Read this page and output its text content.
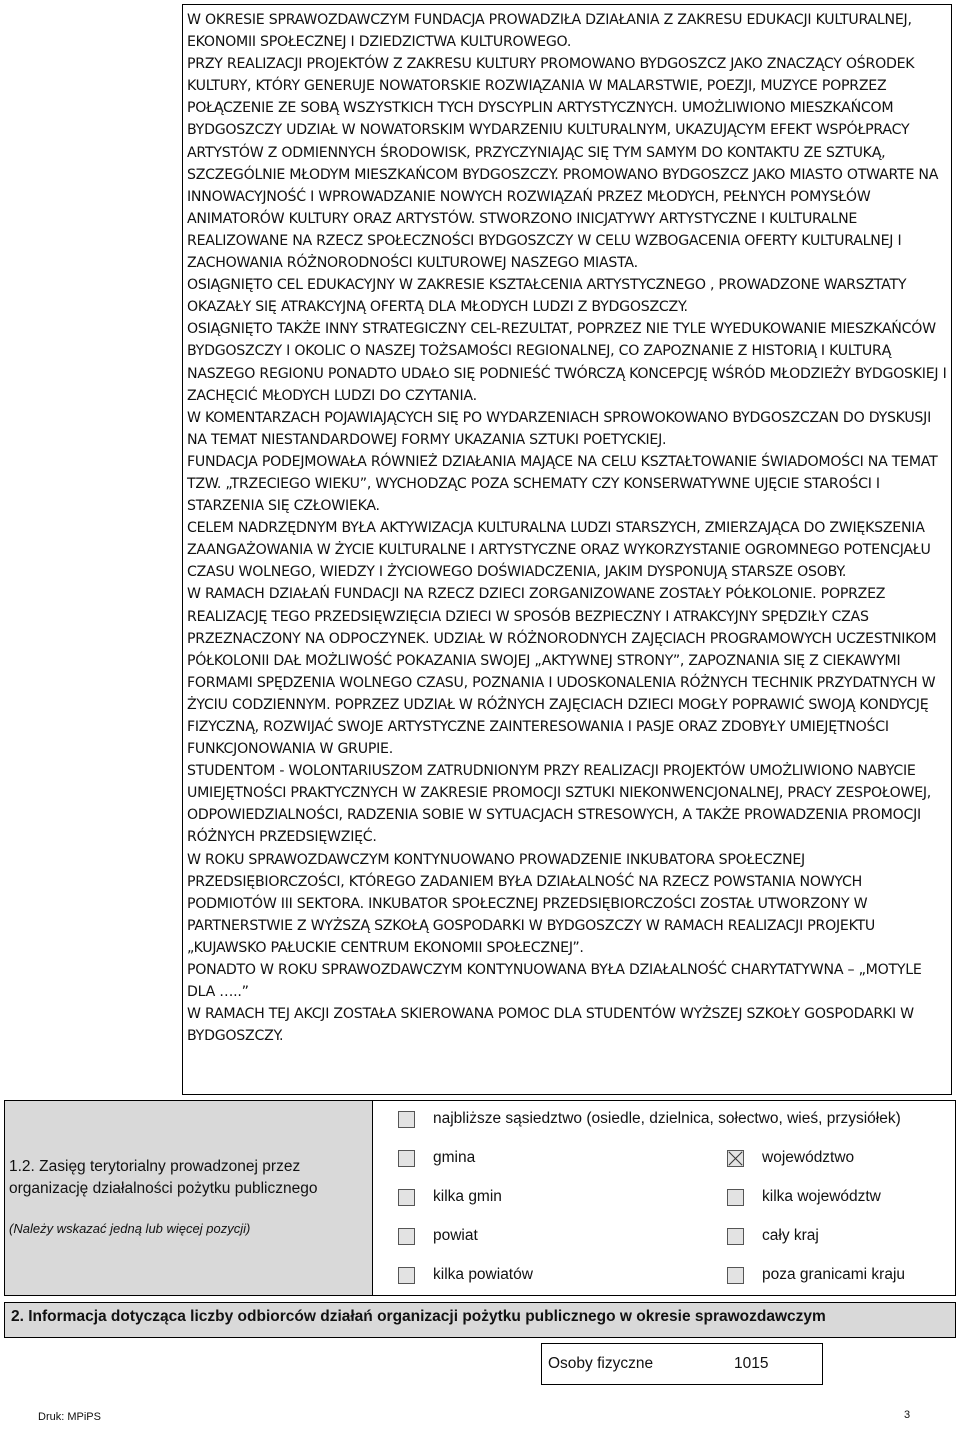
W OKRESIE SPRAWOZDAWCZYM FUNDACJA PROWADZIŁA DZIAŁANIA Z ZAKRESU EDUKACJI KULTURALNEJ, EKONOMII SPOŁECZNEJ I DZIEDZICTWA KULTUROWEGO.
PRZY REALIZACJI PROJEKTÓW Z ZAKRESU KULTURY PROMOWANO BYDGOSZCZ JAKO ZNACZĄCY OŚRODEK KULTURY, KTÓRY GENERUJE NOWATORSKIE ROZWIĄZANIA W MALARSTWIE, POEZJI, MUZYCE POPRZEZ POŁĄCZENIE ZE SOBĄ WSZYSTKICH TYCH DYSCYPLIN ARTYSTYCZNYCH. UMOŻLIWIONO MIESZKAŃCOM BYDGOSZCZY UDZIAŁ W NOWATORSKIM WYDARZENIU KULTURALNYM, UKAZUJĄCYM EFEKT WSPÓŁPRACY ARTYSTÓW Z ODMIENNYCH ŚRODOWISK, PRZYCZYNIAJĄC SIĘ TYM SAMYM DO KONTAKTU ZE SZTUKĄ, SZCZEGÓLNIE MŁODYM MIESZKAŃCOM BYDGOSZCZY. PROMOWANO BYDGOSZCZ JAKO MIASTO OTWARTE NA INNOWACYJNOŚĆ I WPROWADZANIE NOWYCH ROZWIĄZAŃ PRZEZ MŁODYCH, PEŁNYCH POMYSŁÓW ANIMATORÓW KULTURY ORAZ ARTYSTÓW. STWORZONO INICJATYWY ARTYSTYCZNE I KULTURALNE REALIZOWANE NA RZECZ SPOŁECZNOŚCI BYDGOSZCZY W CELU WZBOGACENIA OFERTY KULTURALNEJ I ZACHOWANIA RÓŻNORODNOŚCI KULTUROWEJ NASZEGO MIASTA.
OSIĄGNIĘTO CEL EDUKACYJNY W ZAKRESIE KSZTAŁCENIA ARTYSTYCZNEGO , PROWADZONE WARSZTATY OKAZAŁY SIĘ ATRAKCYJNĄ OFERTĄ DLA MŁODYCH LUDZI Z BYDGOSZCZY.
OSIĄGNIĘTO TAKŻE INNY STRATEGICZNY CEL-REZULTAT, POPRZEZ NIE TYLE WYEDUKOWANIE MIESZKAŃCÓW BYDGOSZCZY I OKOLIC O NASZEJ TOŻSAMOŚCI REGIONALNEJ, CO ZAPOZNANIE Z HISTORIĄ I KULTURĄ NASZEGO REGIONU PONADTO UDAŁO SIĘ PODNIEŚĆ TWÓRCZĄ KONCEPCJĘ WŚRÓD MŁODZIEŻY BYDGOSKIEJ I ZACHĘCIĆ MŁODYCH LUDZI DO CZYTANIA.
W KOMENTARZACH POJAWIAJĄCYCH SIĘ PO WYDARZENIACH SPROWOKOWANO BYDGOSZCZAN DO DYSKUSJI NA TEMAT NIESTANDARDOWEJ FORMY UKAZANIA SZTUKI POETYCKIEJ.
FUNDACJA PODEJMOWAŁA RÓWNIEŻ DZIAŁANIA MAJĄCE NA CELU KSZTAŁTOWANIE ŚWIADOMOŚCI NA TEMAT TZW. „TRZECIEGO WIEKU”, WYCHODZĄC POZA SCHEMATY CZY KONSERWATYWNE UJĘCIE STAROŚCI I STARZENIA SIĘ CZŁOWIEKA.
CELEM NADRZĘDNYM BYŁA AKTYWIZACJA KULTURALNA LUDZI STARSZYCH, ZMIERZAJĄCA DO ZWIĘKSZENIA ZAANGAŻOWANIA W ŻYCIE KULTURALNE I ARTYSTYCZNE ORAZ WYKORZYSTANIE OGROMNEGO POTENCJAŁU CZASU WOLNEGO, WIEDZY I ŻYCIOWEGO DOŚWIADCZENIA, JAKIM DYSPONUJĄ STARSZE OSOBY.
W RAMACH DZIAŁAŃ FUNDACJI NA RZECZ DZIECI ZORGANIZOWANE ZOSTAŁY PÓŁKOLONIE. POPRZEZ REALIZACJĘ TEGO PRZEDSIĘWZIĘCIA DZIECI W SPOSÓB BEZPIECZNY I ATRAKCYJNY SPĘDZIŁY CZAS PRZEZNACZONY NA ODPOCZYNEK. UDZIAŁ W RÓŻNORODNYCH ZAJĘCIACH PROGRAMOWYCH UCZESTNIKOM PÓŁKOLONII DAŁ MOŻLIWOŚĆ POKAZANIA SWOJEJ „AKTYWNEJ STRONY”, ZAPOZNANIA SIĘ Z CIEKAWYMI FORMAMI SPĘDZENIA WOLNEGO CZASU, POZNANIA I UDOSKONALENIA RÓŻNYCH TECHNIK PRZYDATNYCH W ŻYCIU CODZIENNYM. POPRZEZ UDZIAŁ W RÓŻNYCH ZAJĘCIACH DZIECI MOGŁY POPRAWIĆ SWOJĄ KONDYCJĘ FIZYCZNĄ, ROZWIJAĆ SWOJE ARTYSTYCZNE ZAINTERESOWANIA I PASJE ORAZ ZDOBYŁY UMIEJĘTNOŚCI FUNKCJONOWANIA W GRUPIE.
STUDENTOM - WOLONTARIUSZOM ZATRUDNIONYM PRZY REALIZACJI PROJEKTÓW UMOŻLIWIONO NABYCIE UMIEJĘTNOŚCI PRAKTYCZNYCH W ZAKRESIE PROMOCJI SZTUKI NIEKONWENCJONALNEJ, PRACY ZESPOŁOWEJ, ODPOWIEDZIALNOŚCI, RADZENIA SOBIE W SYTUACJACH STRESOWYCH, A TAKŻE PROWADZENIA PROMOCJI RÓŻNYCH PRZEDSIĘWZIĘĆ.
W ROKU SPRAWOZDAWCZYM KONTYNUOWANO PROWADZENIE INKUBATORA SPOŁECZNEJ PRZEDSIĘBIORCZOŚCI, KTÓREGO ZADANIEM BYŁA DZIAŁALNOŚĆ NA RZECZ POWSTANIA NOWYCH PODMIOTÓW III SEKTORA. INKUBATOR SPOŁECZNEJ PRZEDSIĘBIORCZOŚCI ZOSTAŁ UTWORZONY W PARTNERSTWIE Z WYŻSZĄ SZKOŁĄ GOSPODARKI W BYDGOSZCZY W RAMACH REALIZACJI PROJEKTU „KUJAWSKO PAŁUCKIE CENTRUM EKONOMII SPOŁECZNEJ”.
PONADTO W ROKU SPRAWOZDAWCZYM KONTYNUOWANA BYŁA DZIAŁALNOŚĆ CHARYTATYWNA – „MOTYLE DLA …..”
W RAMACH TEJ AKCJI ZOSTAŁA SKIEROWANA POMOC DLA STUDENTÓW WYŻSZEJ SZKOŁY GOSPODARKI W BYDGOSZCZY.

1.2. Zasięg terytorialny prowadzonej przez organizację działalności pożytku publicznego
(Należy wskazać jedną lub więcej pozycji)
najbliższe sąsiedztwo (osiedle, dzielnica, sołectwo, wieś, przysiółek)
gmina	województwo
kilka gmin	kilka województw
powiat	cały kraj
kilka powiatów	poza granicami kraju
2. Informacja dotycząca liczby odbiorców działań organizacji pożytku publicznego w okresie sprawozdawczym
Osoby fizyczne	1015
Druk: MPiPS	3
